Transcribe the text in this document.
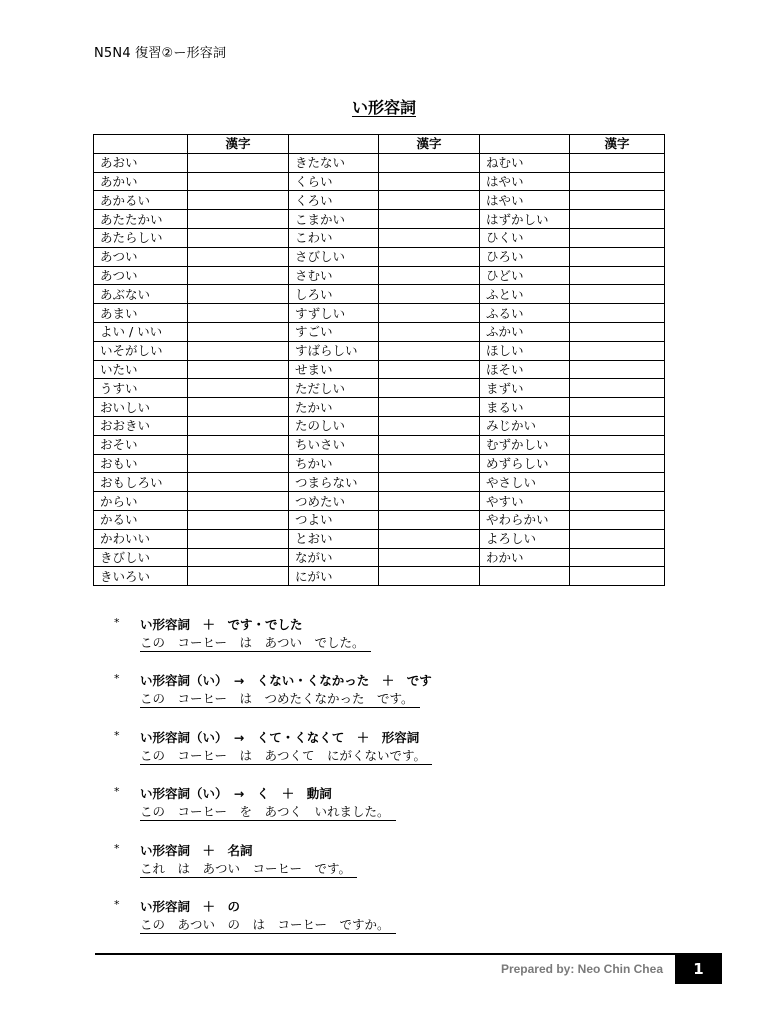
N5N4 復習②ー形容詞
い形容詞
	漢字		漢字		漢字
あおい		きたない		ねむい	
あかい		くらい		はやい	
あかるい		くろい		はやい	
あたたかい		こまかい		はずかしい	
あたらしい		こわい		ひくい	
あつい		さびしい		ひろい	
あつい		さむい		ひどい	
あぶない		しろい		ふとい	
あまい		すずしい		ふるい	
よい / いい		すごい		ふかい	
いそがしい		すばらしい		ほしい	
いたい		せまい		ほそい	
うすい		ただしい		まずい	
おいしい		たかい		まるい	
おおきい		たのしい		みじかい	
おそい		ちいさい		むずかしい	
おもい		ちかい		めずらしい	
おもしろい		つまらない		やさしい	
からい		つめたい		やすい	
かるい		つよい		やわらかい	
かわいい		とおい		よろしい	
きびしい		ながい		わかい	
きいろい		にがい			
* い形容詞　＋　です・でした
この　コーヒー　は　あつい　でした。
* い形容詞（い）　→　くない・くなかった　＋　です
この　コーヒー　は　つめたくなかった　です。
* い形容詞（い）　→　くて・くなくて　＋　形容詞
この　コーヒー　は　あつくて　にがくないです。
* い形容詞（い）　→　く　＋　動詞
この　コーヒー　を　あつく　いれました。
* い形容詞　＋　名詞
これ　は　あつい　コーヒー　です。
* い形容詞　＋　の
この　あつい　の　は　コーヒー　ですか。
Prepared by: Neo Chin Chea	1
